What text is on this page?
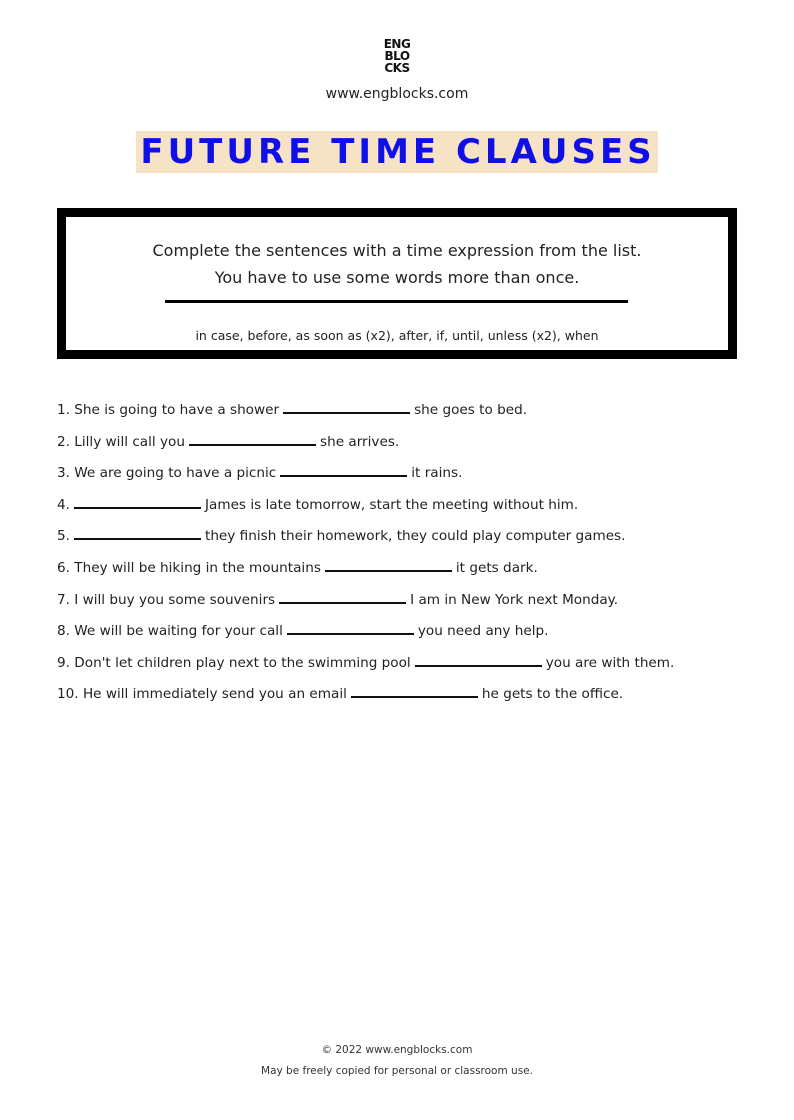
ENG
BLO
CKS
www.engblocks.com
FUTURE TIME CLAUSES
Complete the sentences with a time expression from the list.
You have to use some words more than once.
in case, before, as soon as (x2), after, if, until, unless (x2), when
1. She is going to have a shower	she goes to bed.
2. Lilly will call you	she arrives.
3. We are going to have a picnic	it rains.
4.	James is late tomorrow, start the meeting without him.
5.	they finish their homework, they could play computer games.
6. They will be hiking in the mountains	it gets dark.
7. I will buy you some souvenirs	I am in New York next Monday.
8. We will be waiting for your call	you need any help.
9. Don't let children play next to the swimming pool	you are with them.
10. He will immediately send you an email	he gets to the office.
© 2022 www.engblocks.com
May be freely copied for personal or classroom use.
